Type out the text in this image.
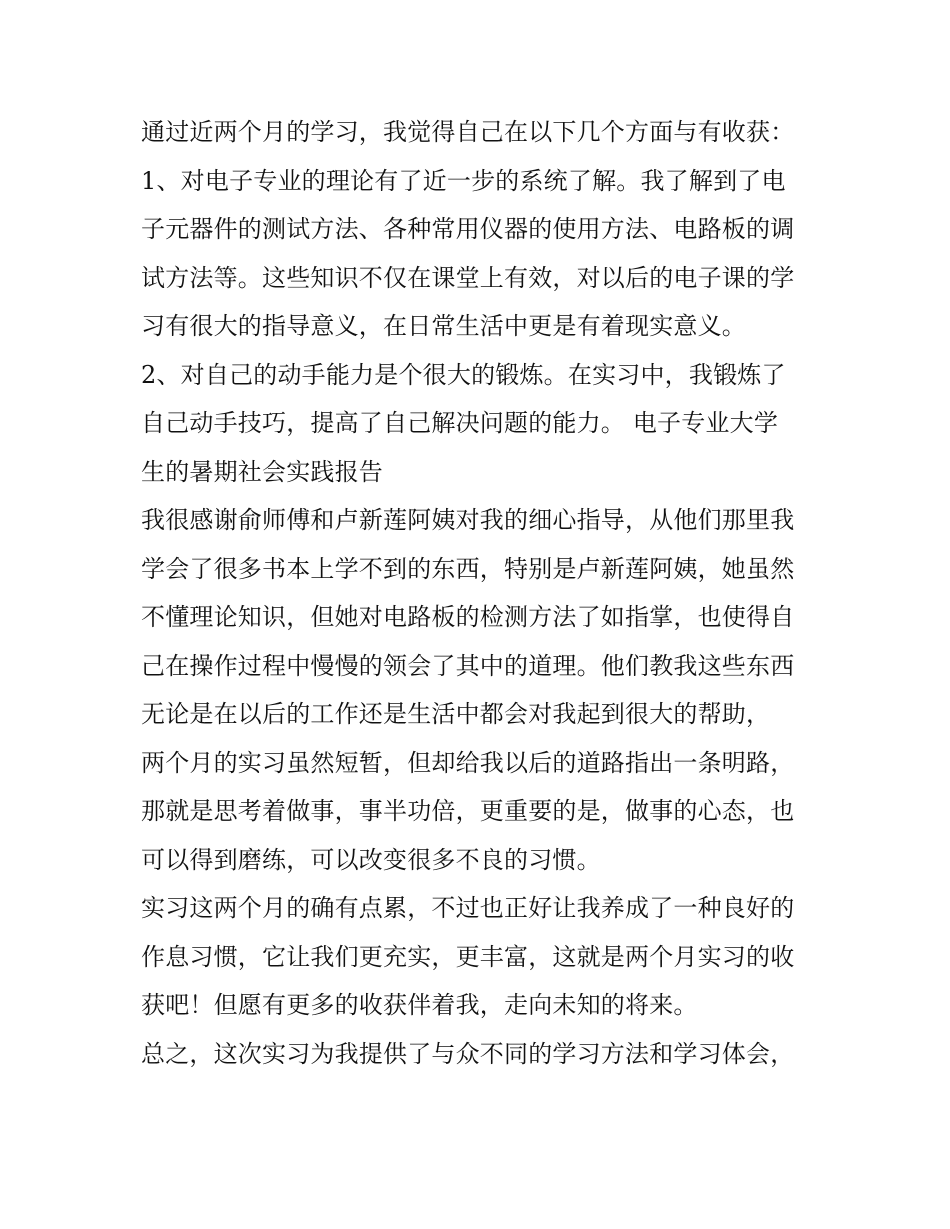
通过近两个月的学习，我觉得自己在以下几个方面与有收获：
1、对电子专业的理论有了近一步的系统了解。我了解到了电
子元器件的测试方法、各种常用仪器的使用方法、电路板的调
试方法等。这些知识不仅在课堂上有效，对以后的电子课的学
习有很大的指导意义，在日常生活中更是有着现实意义。
2、对自己的动手能力是个很大的锻炼。在实习中，我锻炼了
自己动手技巧，提高了自己解决问题的能力。 电子专业大学
生的暑期社会实践报告
我很感谢俞师傅和卢新莲阿姨对我的细心指导，从他们那里我
学会了很多书本上学不到的东西，特别是卢新莲阿姨，她虽然
不懂理论知识，但她对电路板的检测方法了如指掌，也使得自
己在操作过程中慢慢的领会了其中的道理。他们教我这些东西
无论是在以后的工作还是生活中都会对我起到很大的帮助，
两个月的实习虽然短暂，但却给我以后的道路指出一条明路，
那就是思考着做事，事半功倍，更重要的是，做事的心态，也
可以得到磨练，可以改变很多不良的习惯。
实习这两个月的确有点累，不过也正好让我养成了一种良好的
作息习惯，它让我们更充实，更丰富，这就是两个月实习的收
获吧！但愿有更多的收获伴着我，走向未知的将来。
总之，这次实习为我提供了与众不同的学习方法和学习体会，
